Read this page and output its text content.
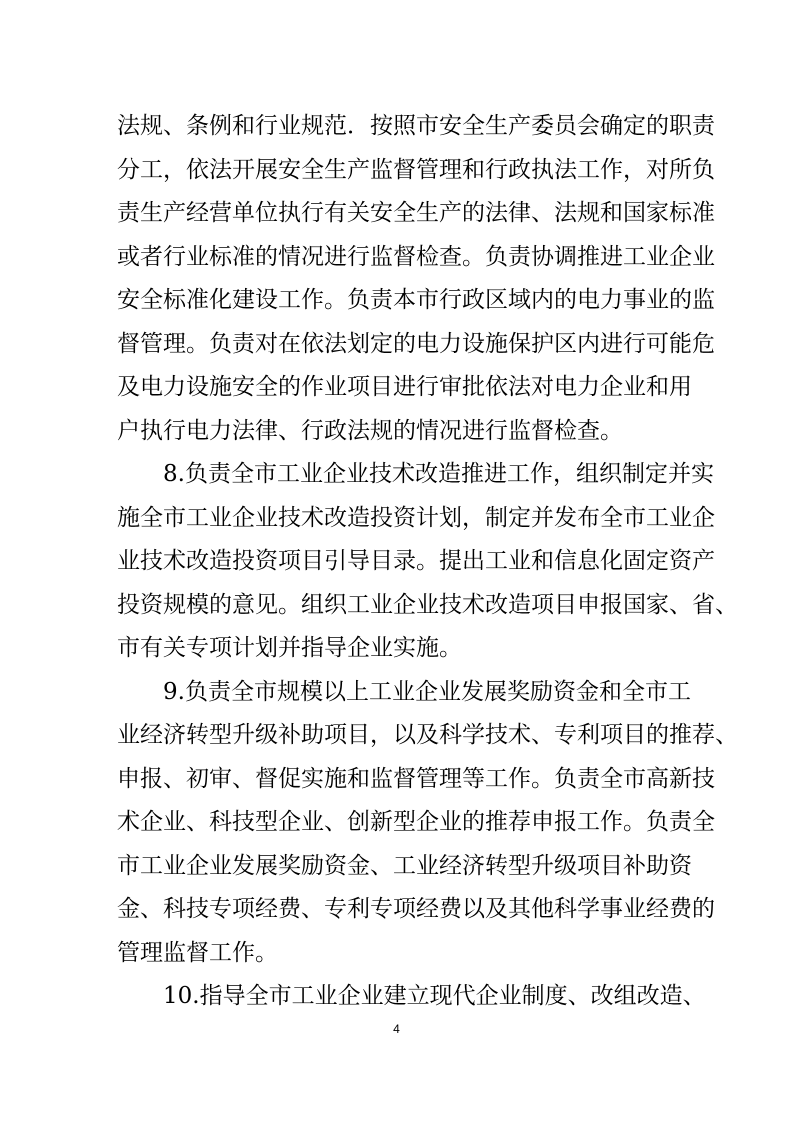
法规、条例和行业规范．按照市安全生产委员会确定的职责
分工，依法开展安全生产监督管理和行政执法工作，对所负
责生产经营单位执行有关安全生产的法律、法规和国家标准
或者行业标准的情况进行监督检查。负责协调推进工业企业
安全标准化建设工作。负责本市行政区域内的电力事业的监
督管理。负责对在依法划定的电力设施保护区内进行可能危
及电力设施安全的作业项目进行审批依法对电力企业和用
户执行电力法律、行政法规的情况进行监督检查。
8.负责全市工业企业技术改造推进工作，组织制定并实
施全市工业企业技术改造投资计划，制定并发布全市工业企
业技术改造投资项目引导目录。提出工业和信息化固定资产
投资规模的意见。组织工业企业技术改造项目申报国家、省、
市有关专项计划并指导企业实施。
9.负责全市规模以上工业企业发展奖励资金和全市工
业经济转型升级补助项目，以及科学技术、专利项目的推荐、
申报、初审、督促实施和监督管理等工作。负责全市高新技
术企业、科技型企业、创新型企业的推荐申报工作。负责全
市工业企业发展奖励资金、工业经济转型升级项目补助资
金、科技专项经费、专利专项经费以及其他科学事业经费的
管理监督工作。
10.指导全市工业企业建立现代企业制度、改组改造、
4
